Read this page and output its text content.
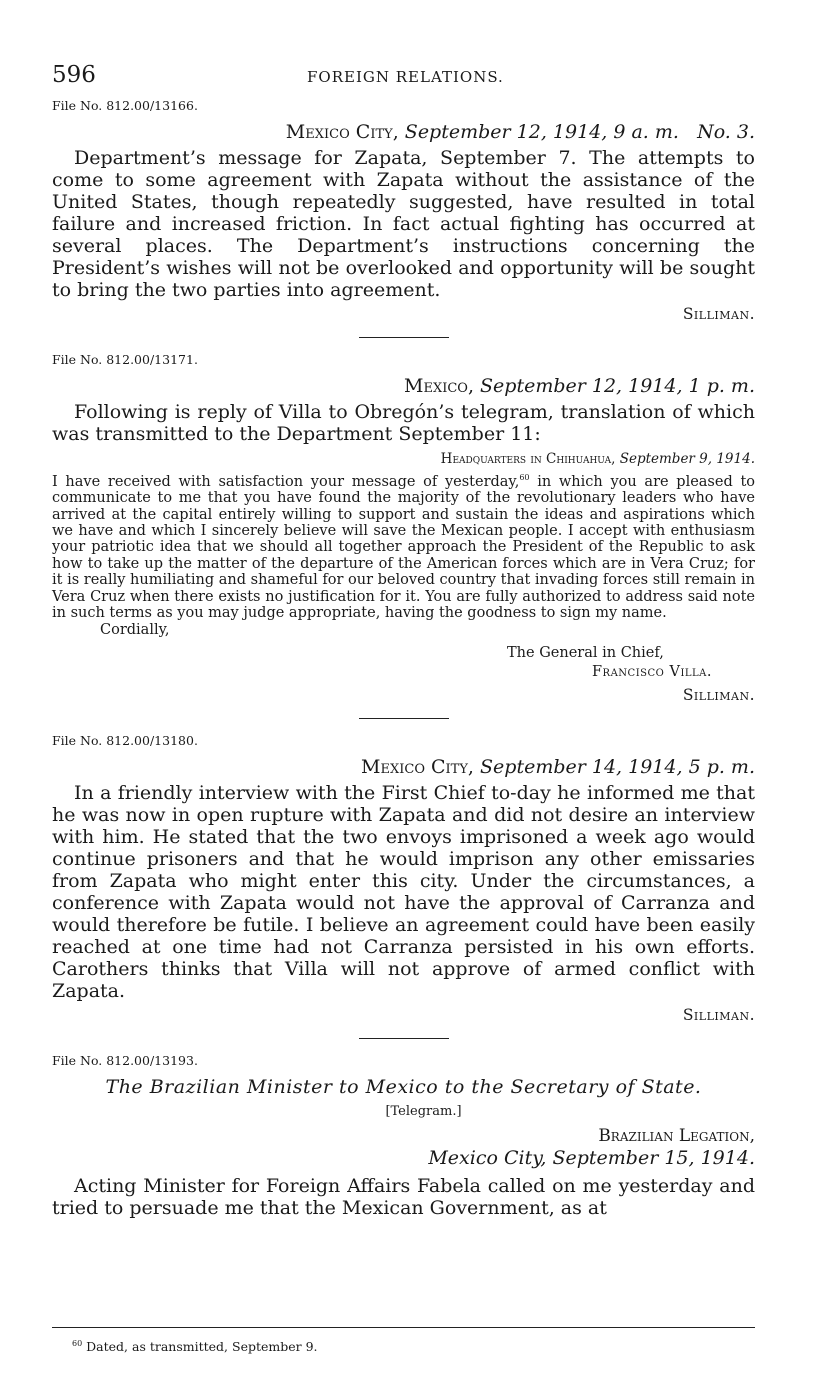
596	FOREIGN RELATIONS.

File No. 812.00/13166.

Mexico City, September 12, 1914, 9 a. m. No. 3.

Department’s message for Zapata, September 7. The attempts to come to some agreement with Zapata without the assistance of the United States, though repeatedly suggested, have resulted in total failure and increased friction. In fact actual fighting has occurred at several places. The Department’s instructions concerning the President’s wishes will not be overlooked and opportunity will be sought to bring the two parties into agreement.

Silliman.

File No. 812.00/13171.

Mexico, September 12, 1914, 1 p. m.

Following is reply of Villa to Obregón’s telegram, translation of which was transmitted to the Department September 11:

Headquarters in Chihuahua, September 9, 1914.

I have received with satisfaction your message of yesterday,$^{60}$ in which you are pleased to communicate to me that you have found the majority of the revolutionary leaders who have arrived at the capital entirely willing to support and sustain the ideas and aspirations which we have and which I sincerely believe will save the Mexican people. I accept with enthusiasm your patriotic idea that we should all together approach the President of the Republic to ask how to take up the matter of the departure of the American forces which are in Vera Cruz; for it is really humiliating and shameful for our beloved country that invading forces still remain in Vera Cruz when there exists no justification for it. You are fully authorized to address said note in such terms as you may judge appropriate, having the goodness to sign my name.

Cordially,

The General in Chief,
Francisco Villa.

Silliman.

File No. 812.00/13180.

Mexico City, September 14, 1914, 5 p. m.

In a friendly interview with the First Chief to-day he informed me that he was now in open rupture with Zapata and did not desire an interview with him. He stated that the two envoys imprisoned a week ago would continue prisoners and that he would imprison any other emissaries from Zapata who might enter this city. Under the circumstances, a conference with Zapata would not have the approval of Carranza and would therefore be futile. I believe an agreement could have been easily reached at one time had not Carranza persisted in his own efforts. Carothers thinks that Villa will not approve of armed conflict with Zapata.

Silliman.

File No. 812.00/13193.

The Brazilian Minister to Mexico to the Secretary of State.

[Telegram.]

Brazilian Legation,

Mexico City, September 15, 1914.

Acting Minister for Foreign Affairs Fabela called on me yesterday and tried to persuade me that the Mexican Government, as at

$^{60}$ Dated, as transmitted, September 9.
